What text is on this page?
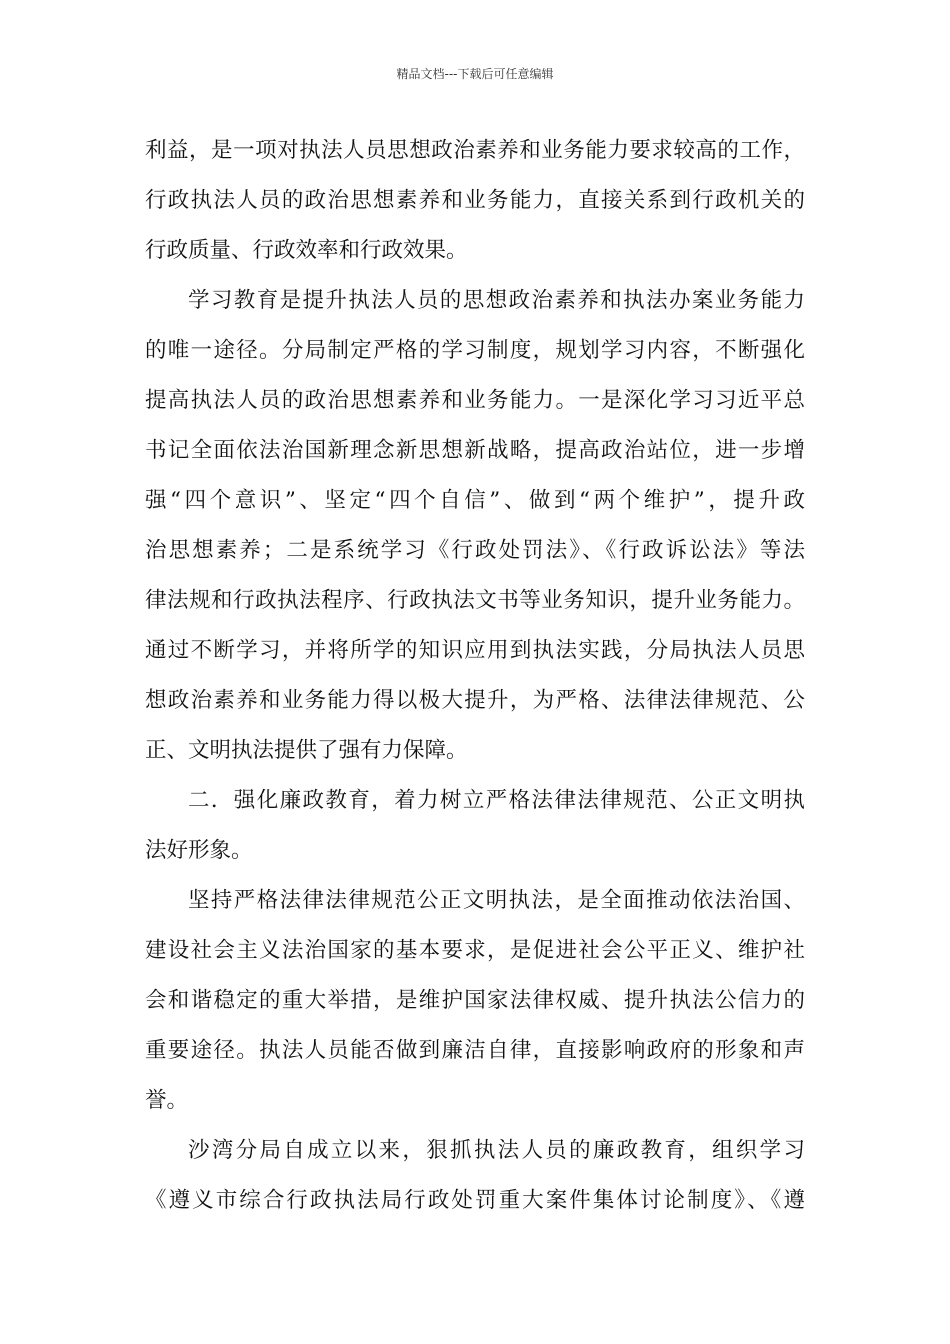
精品文档---下载后可任意编辑
利益，是一项对执法人员思想政治素养和业务能力要求较高的工作，
行政执法人员的政治思想素养和业务能力，直接关系到行政机关的
行政质量、行政效率和行政效果。
学习教育是提升执法人员的思想政治素养和执法办案业务能力
的唯一途径。分局制定严格的学习制度，规划学习内容，不断强化
提高执法人员的政治思想素养和业务能力。一是深化学习习近平总
书记全面依法治国新理念新思想新战略，提高政治站位，进一步增
强“四个意识”、坚定“四个自信”、做到“两个维护”，提升政
治思想素养；二是系统学习《行政处罚法》、《行政诉讼法》等法
律法规和行政执法程序、行政执法文书等业务知识，提升业务能力。
通过不断学习，并将所学的知识应用到执法实践，分局执法人员思
想政治素养和业务能力得以极大提升，为严格、法律法律规范、公
正、文明执法提供了强有力保障。
二．强化廉政教育，着力树立严格法律法律规范、公正文明执
法好形象。
坚持严格法律法律规范公正文明执法，是全面推动依法治国、
建设社会主义法治国家的基本要求，是促进社会公平正义、维护社
会和谐稳定的重大举措，是维护国家法律权威、提升执法公信力的
重要途径。执法人员能否做到廉洁自律，直接影响政府的形象和声
誉。
沙湾分局自成立以来，狠抓执法人员的廉政教育，组织学习
《遵义市综合行政执法局行政处罚重大案件集体讨论制度》、《遵
